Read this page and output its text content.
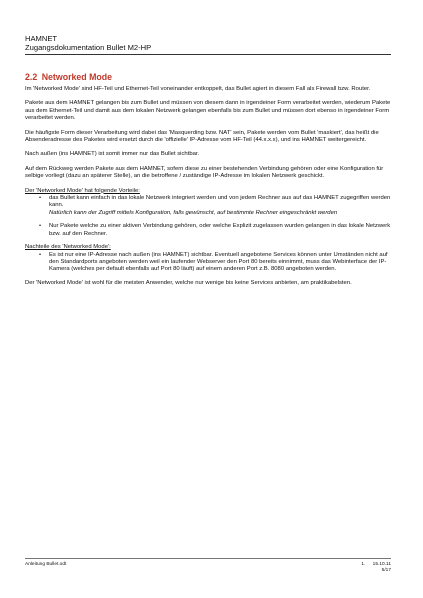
HAMNET
Zugangsdokumentation Bullet M2-HP
2.2 Networked Mode

Im 'Networked Mode' sind HF-Teil und Ethernet-Teil voneinander entkoppelt, das Bullet agiert in diesem Fall als Firewall bzw. Router.

Pakete aus dem HAMNET gelangen bis zum Bullet und müssen von diesem dann in irgendeiner Form verarbeitet werden, wiederum Pakete aus dem Ethernet-Teil und damit aus dem lokalen Netzwerk gelangen ebenfalls bis zum Bullet und müssen dort ebenso in irgendeiner Form verarbeitet werden.

Die häufigste Form dieser Verarbeitung wird dabei das 'Masquerding bzw. NAT' sein, Pakete werden vom Bullet 'maskiert', das heißt die Absenderadresse des Paketes wird ersetzt durch die 'offizielle' IP-Adresse vom HF-Teil (44.x.x.x), und ins HAMNET weitergereicht.

Nach außen (ins HAMNET) ist somit immer nur das Bullet sichtbar.

Auf dem Rückweg werden Pakete aus dem HAMNET, sofern diese zu einer bestehenden Verbindung gehören oder eine Konfiguration für selbige vorliegt (dazu an späterer Stelle), an die betroffene / zuständige IP-Adresse im lokalen Netzwerk geschickt.

Der 'Networked Mode' hat folgende Vorteile:
• das Bullet kann einfach in das lokale Netzwerk integriert werden und von jedem Rechner aus auf das HAMNET zugegriffen werden kann.
Natürlich kann der Zugriff mittels Konfiguration, falls gewünscht, auf bestimmte Rechner eingeschränkt werden
• Nur Pakete welche zu einer aktiven Verbindung gehören, oder welche Explizit zugelassen wurden gelangen in das lokale Netzwerk bzw. auf den Rechner.
Nachteile des 'Networked Mode':
• Es ist nur eine IP-Adresse nach außen (ins HAMNET) sichtbar. Eventuell angebotene Services können unter Umständen nicht auf den Standardports angeboten werden weil ein laufender Webserver den Port 80 bereits einnimmt, muss das Webinterface der IP-Kamera (welches per default ebenfalls auf Port 80 läuft) auf einem anderen Port z.B. 8080 angeboten werden.

Der 'Networked Mode' ist wohl für die meisten Anwender, welche nur wenige bis keine Services anbieten, am praktikabelsten.

Anleitung Bullet.odt	1. 15.10.11
5/17
